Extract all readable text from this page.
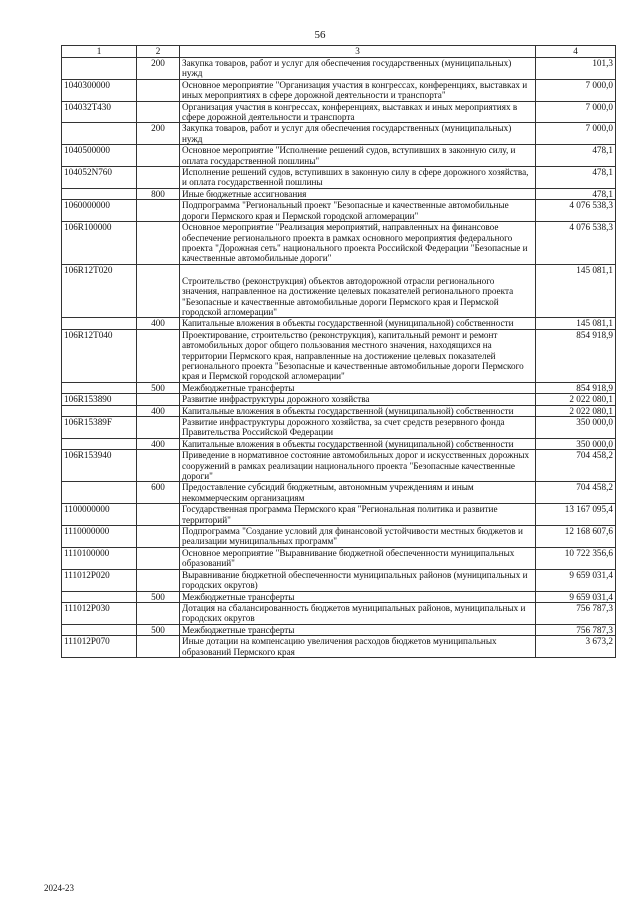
56
1	2	3	4
	200	Закупка товаров, работ и услуг для обеспечения государственных (муниципальных) нужд	101,3
1040300000		Основное мероприятие "Организация участия в конгрессах, конференциях, выставках и иных мероприятиях в сфере дорожной деятельности и транспорта"	7 000,0
104032Т430		Организация участия в конгрессах, конференциях, выставках и иных мероприятиях в сфере дорожной деятельности и транспорта	7 000,0
	200	Закупка товаров, работ и услуг для обеспечения государственных (муниципальных) нужд	7 000,0
1040500000		Основное мероприятие "Исполнение решений судов, вступивших в законную силу, и оплата государственной пошлины"	478,1
104052N760		Исполнение решений судов, вступивших в законную силу в сфере дорожного хозяйства, и оплата государственной пошлины	478,1
	800	Иные бюджетные ассигнования	478,1
1060000000		Подпрограмма "Региональный проект "Безопасные и качественные автомобильные дороги Пермского края и Пермской городской агломерации"	4 076 538,3
106R100000		Основное мероприятие "Реализация мероприятий, направленных на финансовое обеспечение регионального проекта в рамках основного мероприятия федерального проекта "Дорожная сеть" национального проекта Российской Федерации "Безопасные и качественные автомобильные дороги"	4 076 538,3
106R12Т020		Строительство (реконструкция) объектов автодорожной отрасли регионального значения, направленное на достижение целевых показателей регионального проекта "Безопасные и качественные автомобильные дороги Пермского края и Пермской городской агломерации"	145 081,1
	400	Капитальные вложения в объекты государственной (муниципальной) собственности	145 081,1
106R12Т040		Проектирование, строительство (реконструкция), капитальный ремонт и ремонт автомобильных дорог общего пользования местного значения, находящихся на территории Пермского края, направленные на достижение целевых показателей регионального проекта "Безопасные и качественные автомобильные дороги Пермского края и Пермской городской агломерации"	854 918,9
	500	Межбюджетные трансферты	854 918,9
106R153890		Развитие инфраструктуры дорожного хозяйства	2 022 080,1
	400	Капитальные вложения в объекты государственной (муниципальной) собственности	2 022 080,1
106R15389F		Развитие инфраструктуры дорожного хозяйства, за счет средств резервного фонда Правительства Российской Федерации	350 000,0
	400	Капитальные вложения в объекты государственной (муниципальной) собственности	350 000,0
106R153940		Приведение в нормативное состояние автомобильных дорог и искусственных дорожных сооружений в рамках реализации национального проекта "Безопасные качественные дороги"	704 458,2
	600	Предоставление субсидий бюджетным, автономным учреждениям и иным некоммерческим организациям	704 458,2
1100000000		Государственная программа Пермского края "Региональная политика и развитие территорий"	13 167 095,4
1110000000		Подпрограмма "Создание условий для финансовой устойчивости местных бюджетов и реализации муниципальных программ"	12 168 607,6
1110100000		Основное мероприятие "Выравнивание бюджетной обеспеченности муниципальных образований"	10 722 356,6
111012Р020		Выравнивание бюджетной обеспеченности муниципальных районов (муниципальных и городских округов)	9 659 031,4
	500	Межбюджетные трансферты	9 659 031,4
111012Р030		Дотация на сбалансированность бюджетов муниципальных районов, муниципальных и городских округов	756 787,3
	500	Межбюджетные трансферты	756 787,3
111012Р070		Иные дотации на компенсацию увеличения расходов бюджетов муниципальных образований Пермского края	3 673,2
2024-23
